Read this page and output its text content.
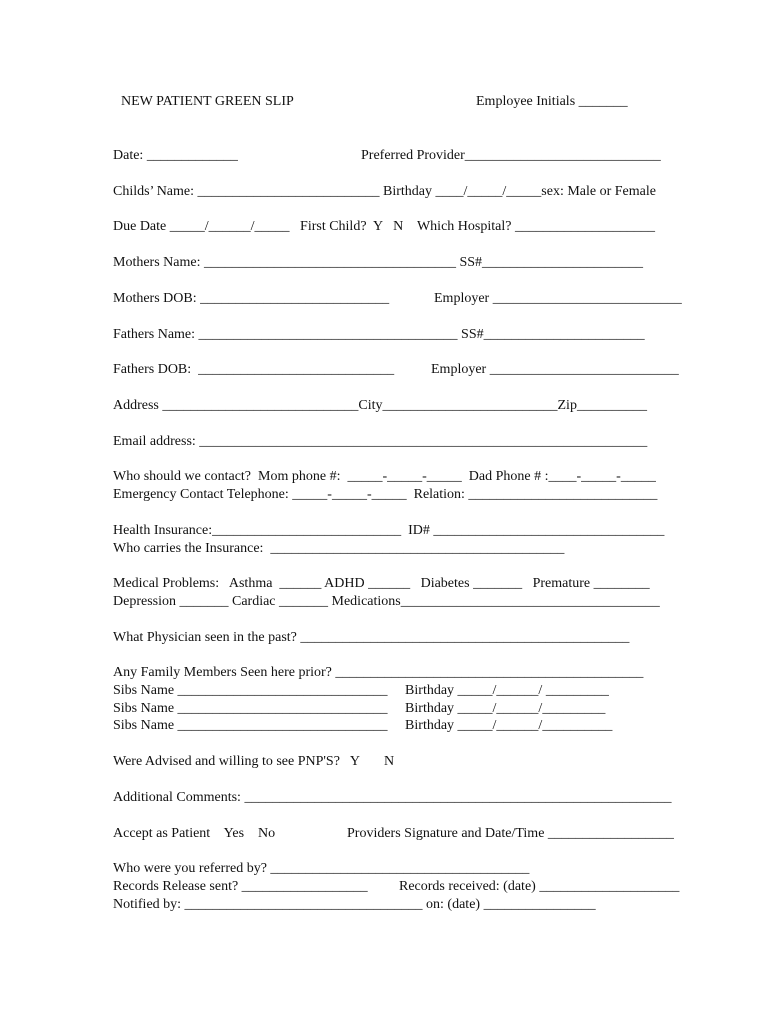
NEW PATIENT GREEN SLIP	Employee Initials _______
Date: _____________	Preferred Provider____________________________
Childs’ Name: __________________________ Birthday ____/_____/_____sex: Male or Female
Due Date _____/______/_____   First Child?  Y   N    Which Hospital? ____________________
Mothers Name: ____________________________________ SS#_______________________
Mothers DOB: ___________________________	Employer ___________________________
Fathers Name: _____________________________________ SS#_______________________
Fathers DOB:  ____________________________	Employer ___________________________
Address ____________________________City_________________________Zip__________
Email address: ________________________________________________________________
Who should we contact?  Mom phone #:  _____-_____-_____  Dad Phone # :____-_____-_____
Emergency Contact Telephone: _____-_____-_____  Relation: ___________________________
Health Insurance:___________________________  ID# _________________________________
Who carries the Insurance:  __________________________________________
Medical Problems:   Asthma  ______ ADHD ______   Diabetes _______   Premature ________
Depression _______ Cardiac _______ Medications_____________________________________
What Physician seen in the past? _______________________________________________
Any Family Members Seen here prior? ____________________________________________
Sibs Name ______________________________     Birthday _____/______/ _________
Sibs Name ______________________________     Birthday _____/______/_________
Sibs Name ______________________________     Birthday _____/______/__________
Were Advised and willing to see PNP'S?   Y       N
Additional Comments: _____________________________________________________________
Accept as Patient    Yes    No	Providers Signature and Date/Time __________________
Who were you referred by? _____________________________________
Records Release sent? __________________ Records received: (date) ____________________
Notified by: __________________________________ on: (date) ________________
